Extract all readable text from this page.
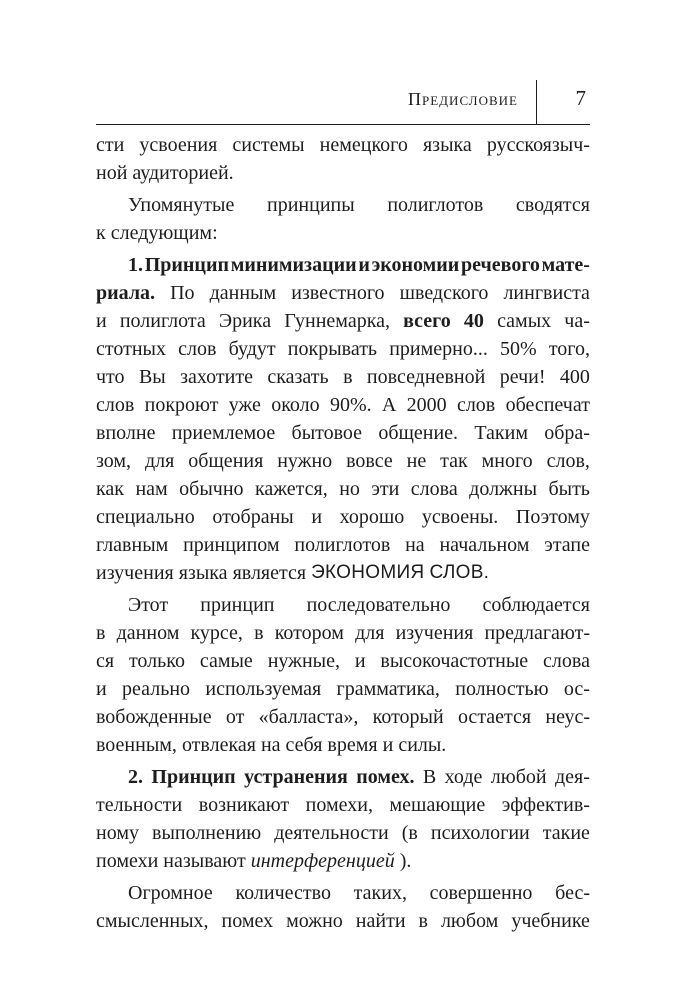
Предисловие	7
сти усвоения системы немецкого языка русскоязыч-
ной аудиторией.
Упомянутые принципы полиглотов сводятся
к следующим:
1. Принцип минимизации и экономии речевого мате-
риала. По данным известного шведского лингвиста
и полиглота Эрика Гуннемарка, всего 40 самых ча-
стотных слов будут покрывать примерно... 50% того,
что Вы захотите сказать в повседневной речи! 400
слов покроют уже около 90%. А 2000 слов обеспечат
вполне приемлемое бытовое общение. Таким обра-
зом, для общения нужно вовсе не так много слов,
как нам обычно кажется, но эти слова должны быть
специально отобраны и хорошо усвоены. Поэтому
главным принципом полиглотов на начальном этапе
изучения языка является ЭКОНОМИЯ СЛОВ.
Этот принцип последовательно соблюдается
в данном курсе, в котором для изучения предлагают-
ся только самые нужные, и высокочастотные слова
и реально используемая грамматика, полностью ос-
вобожденные от «балласта», который остается неус-
военным, отвлекая на себя время и силы.
2. Принцип устранения помех. В ходе любой дея-
тельности возникают помехи, мешающие эффектив-
ному выполнению деятельности (в психологии такие
помехи называют интерференцией ).
Огромное количество таких, совершенно бес-
смысленных, помех можно найти в любом учебнике
